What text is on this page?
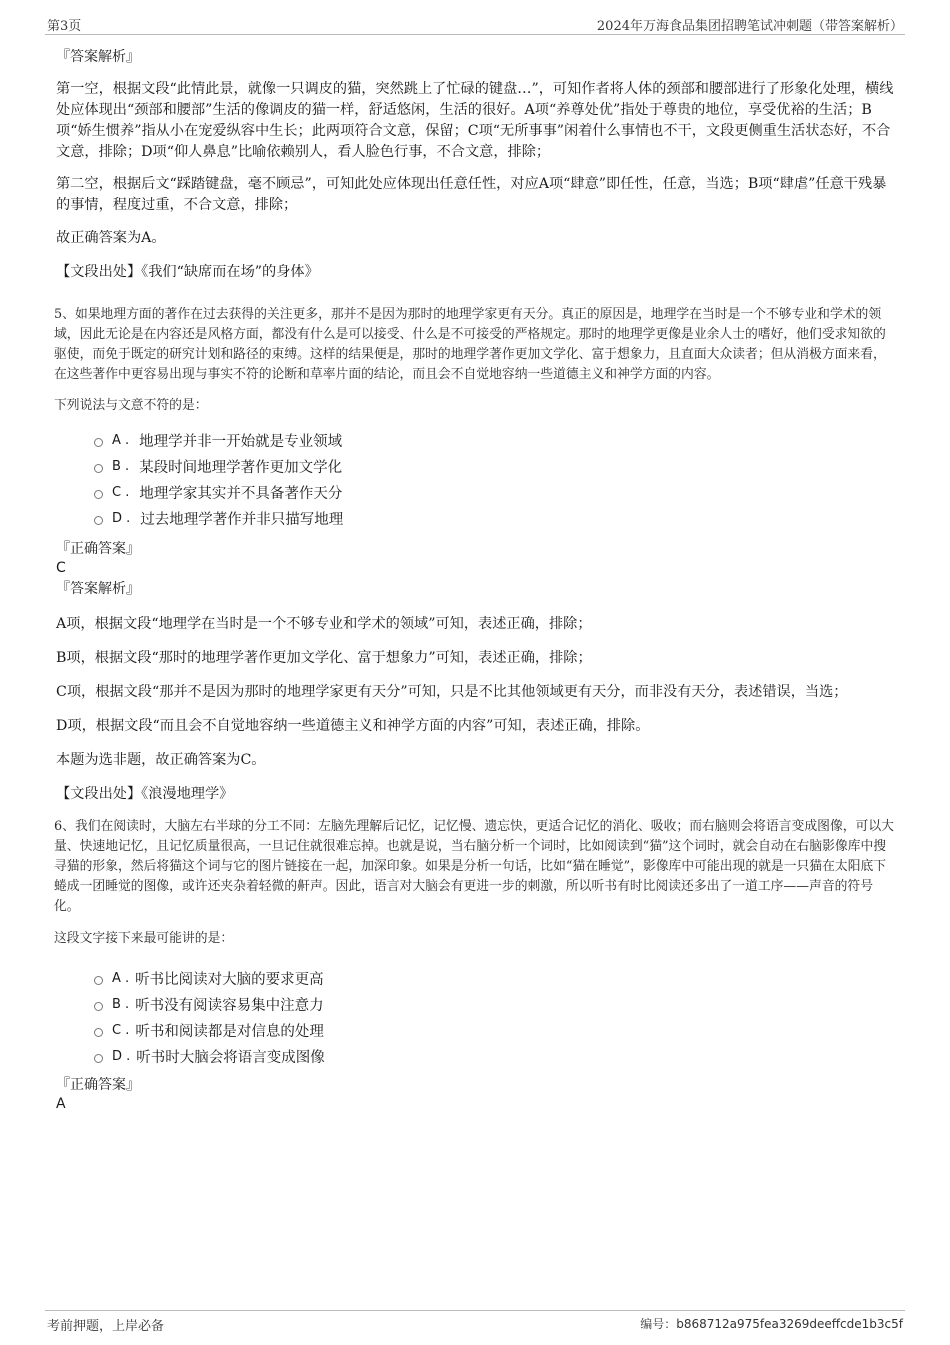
第3页	2024年万海食品集团招聘笔试冲刺题（带答案解析）

『答案解析』

第一空，根据文段“此情此景，就像一只调皮的猫，突然跳上了忙碌的键盘…”，可知作者将人体的颈部和腰部进行了形象化处理，横线处应体现出“颈部和腰部”生活的像调皮的猫一样，舒适悠闲，生活的很好。A项“养尊处优”指处于尊贵的地位，享受优裕的生活；B项“娇生惯养”指从小在宠爱纵容中生长；此两项符合文意，保留；C项“无所事事”闲着什么事情也不干，文段更侧重生活状态好，不合文意，排除；D项“仰人鼻息”比喻依赖别人，看人脸色行事，不合文意，排除；

第二空，根据后文“踩踏键盘，毫不顾忌”，可知此处应体现出任意任性，对应A项“肆意”即任性，任意，当选；B项“肆虐”任意干残暴的事情，程度过重，不合文意，排除；

故正确答案为A。

【文段出处】《我们“缺席而在场”的身体》

5、如果地理方面的著作在过去获得的关注更多，那并不是因为那时的地理学家更有天分。真正的原因是，地理学在当时是一个不够专业和学术的领域，因此无论是在内容还是风格方面，都没有什么是可以接受、什么是不可接受的严格规定。那时的地理学更像是业余人士的嗜好，他们受求知欲的驱使，而免于既定的研究计划和路径的束缚。这样的结果便是，那时的地理学著作更加文学化、富于想象力，且直面大众读者；但从消极方面来看，在这些著作中更容易出现与事实不符的论断和草率片面的结论，而且会不自觉地容纳一些道德主义和神学方面的内容。

下列说法与文意不符的是：

A . 地理学并非一开始就是专业领域
B . 某段时间地理学著作更加文学化
C . 地理学家其实并不具备著作天分
D . 过去地理学著作并非只描写地理

『正确答案』

C

『答案解析』

A项，根据文段“地理学在当时是一个不够专业和学术的领域”可知，表述正确，排除；

B项，根据文段“那时的地理学著作更加文学化、富于想象力”可知，表述正确，排除；

C项，根据文段“那并不是因为那时的地理学家更有天分”可知，只是不比其他领域更有天分，而非没有天分，表述错误，当选；

D项，根据文段“而且会不自觉地容纳一些道德主义和神学方面的内容”可知，表述正确，排除。

本题为选非题，故正确答案为C。

【文段出处】《浪漫地理学》

6、我们在阅读时，大脑左右半球的分工不同：左脑先理解后记忆，记忆慢、遗忘快，更适合记忆的消化、吸收；而右脑则会将语言变成图像，可以大量、快速地记忆，且记忆质量很高，一旦记住就很难忘掉。也就是说，当右脑分析一个词时，比如阅读到“猫”这个词时，就会自动在右脑影像库中搜寻猫的形象，然后将猫这个词与它的图片链接在一起，加深印象。如果是分析一句话，比如“猫在睡觉”，影像库中可能出现的就是一只猫在太阳底下蜷成一团睡觉的图像，或许还夹杂着轻微的鼾声。因此，语言对大脑会有更进一步的刺激，所以听书有时比阅读还多出了一道工序——声音的符号化。

这段文字接下来最可能讲的是：

A . 听书比阅读对大脑的要求更高
B . 听书没有阅读容易集中注意力
C . 听书和阅读都是对信息的处理
D . 听书时大脑会将语言变成图像

『正确答案』

A

考前押题，上岸必备	编号：b868712a975fea3269deeffcde1b3c5f
